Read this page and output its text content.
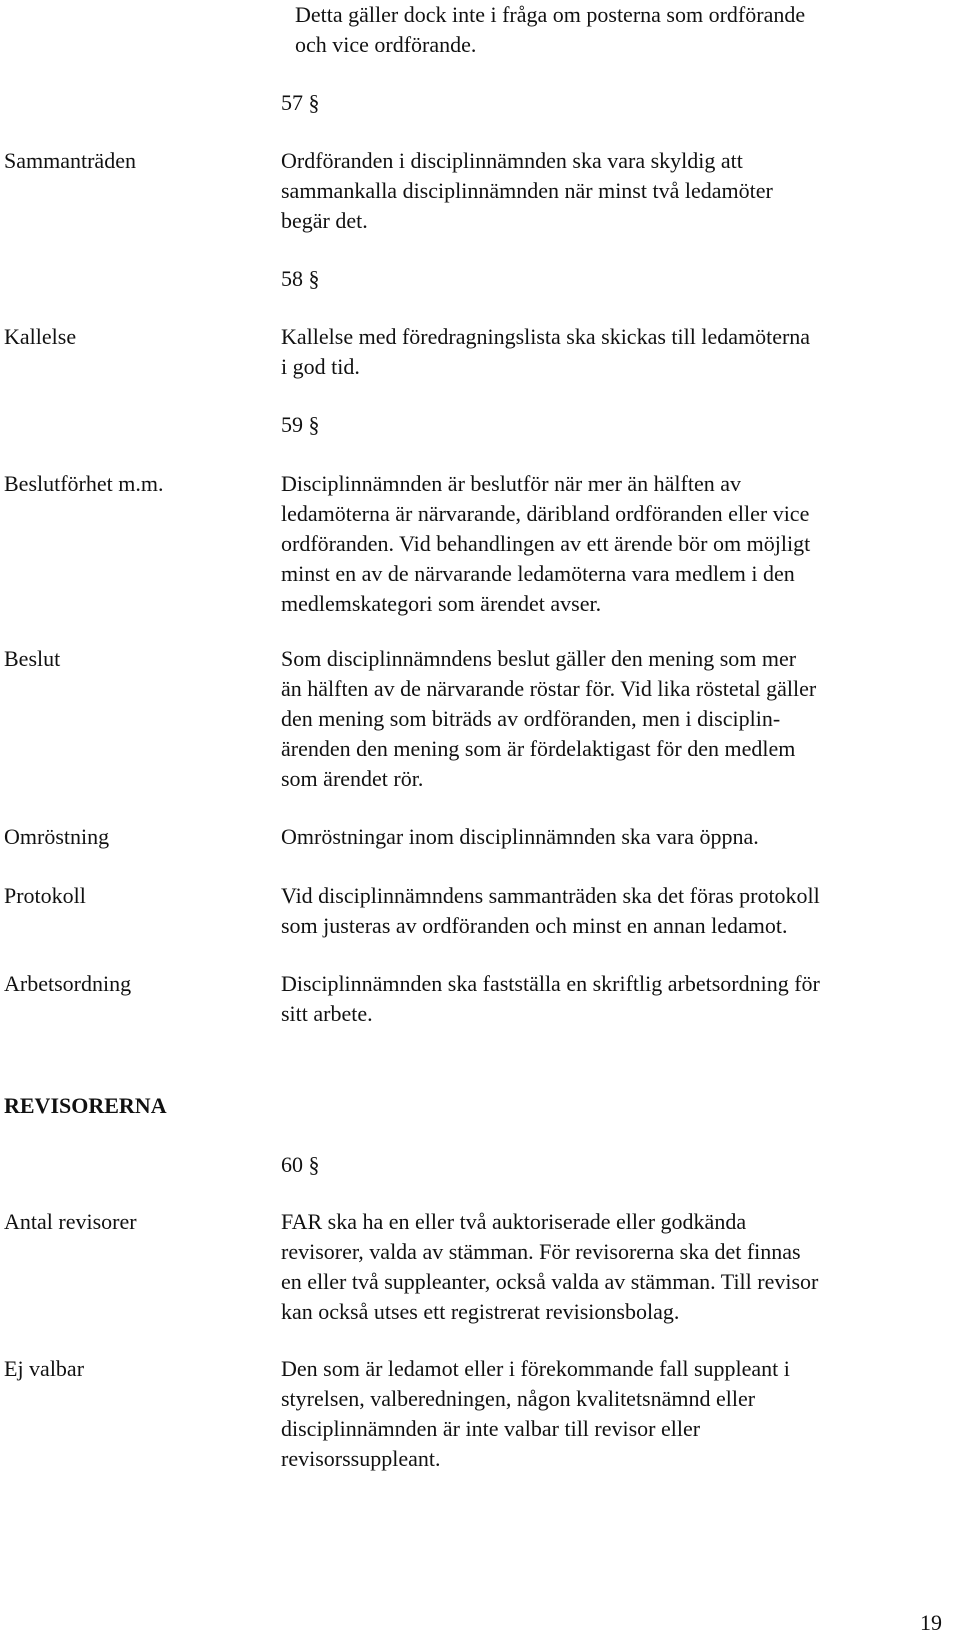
Detta gäller dock inte i fråga om posterna som ordförande
och vice ordförande.
57 §
Sammanträden	Ordföranden i disciplinnämnden ska vara skyldig att
sammankalla disciplinnämnden när minst två ledamöter
begär det.
58 §
Kallelse	Kallelse med föredragningslista ska skickas till ledamöterna
i god tid.
59 §
Beslutförhet m.m.	Disciplinnämnden är beslutför när mer än hälften av
ledamöterna är närvarande, däribland ordföranden eller vice
ordföranden. Vid behandlingen av ett ärende bör om möjligt
minst en av de närvarande ledamöterna vara medlem i den
medlemskategori som ärendet avser.
Beslut	Som disciplinnämndens beslut gäller den mening som mer
än hälften av de närvarande röstar för. Vid lika röstetal gäller
den mening som biträds av ordföranden, men i disciplin-
ärenden den mening som är fördelaktigast för den medlem
som ärendet rör.
Omröstning	Omröstningar inom disciplinnämnden ska vara öppna.
Protokoll	Vid disciplinnämndens sammanträden ska det föras protokoll
som justeras av ordföranden och minst en annan ledamot.
Arbetsordning	Disciplinnämnden ska fastställa en skriftlig arbetsordning för
sitt arbete.
REVISORERNA
60 §
Antal revisorer	FAR ska ha en eller två auktoriserade eller godkända
revisorer, valda av stämman. För revisorerna ska det finnas
en eller två suppleanter, också valda av stämman. Till revisor
kan också utses ett registrerat revisionsbolag.
Ej valbar	Den som är ledamot eller i förekommande fall suppleant i
styrelsen, valberedningen, någon kvalitetsnämnd eller
disciplinnämnden är inte valbar till revisor eller
revisorssuppleant.
19
